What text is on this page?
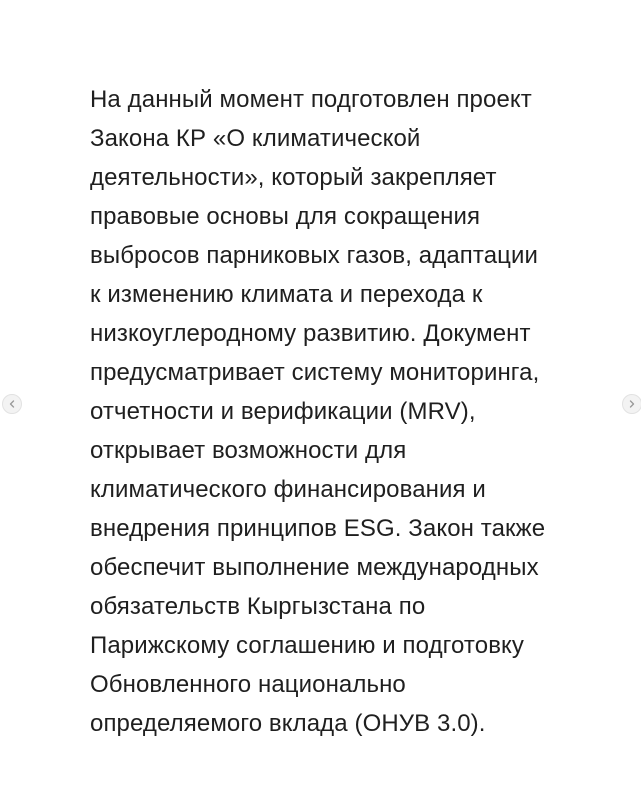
На данный момент подготовлен проект
Закона КР «О климатической
деятельности», который закрепляет
правовые основы для сокращения
выбросов парниковых газов, адаптации
к изменению климата и перехода к
низкоуглеродному развитию. Документ
предусматривает систему мониторинга,
отчетности и верификации (MRV),
открывает возможности для
климатического финансирования и
внедрения принципов ESG. Закон также
обеспечит выполнение международных
обязательств Кыргызстана по
Парижскому соглашению и подготовку
Обновленного национально
определяемого вклада (ОНУВ 3.0).
